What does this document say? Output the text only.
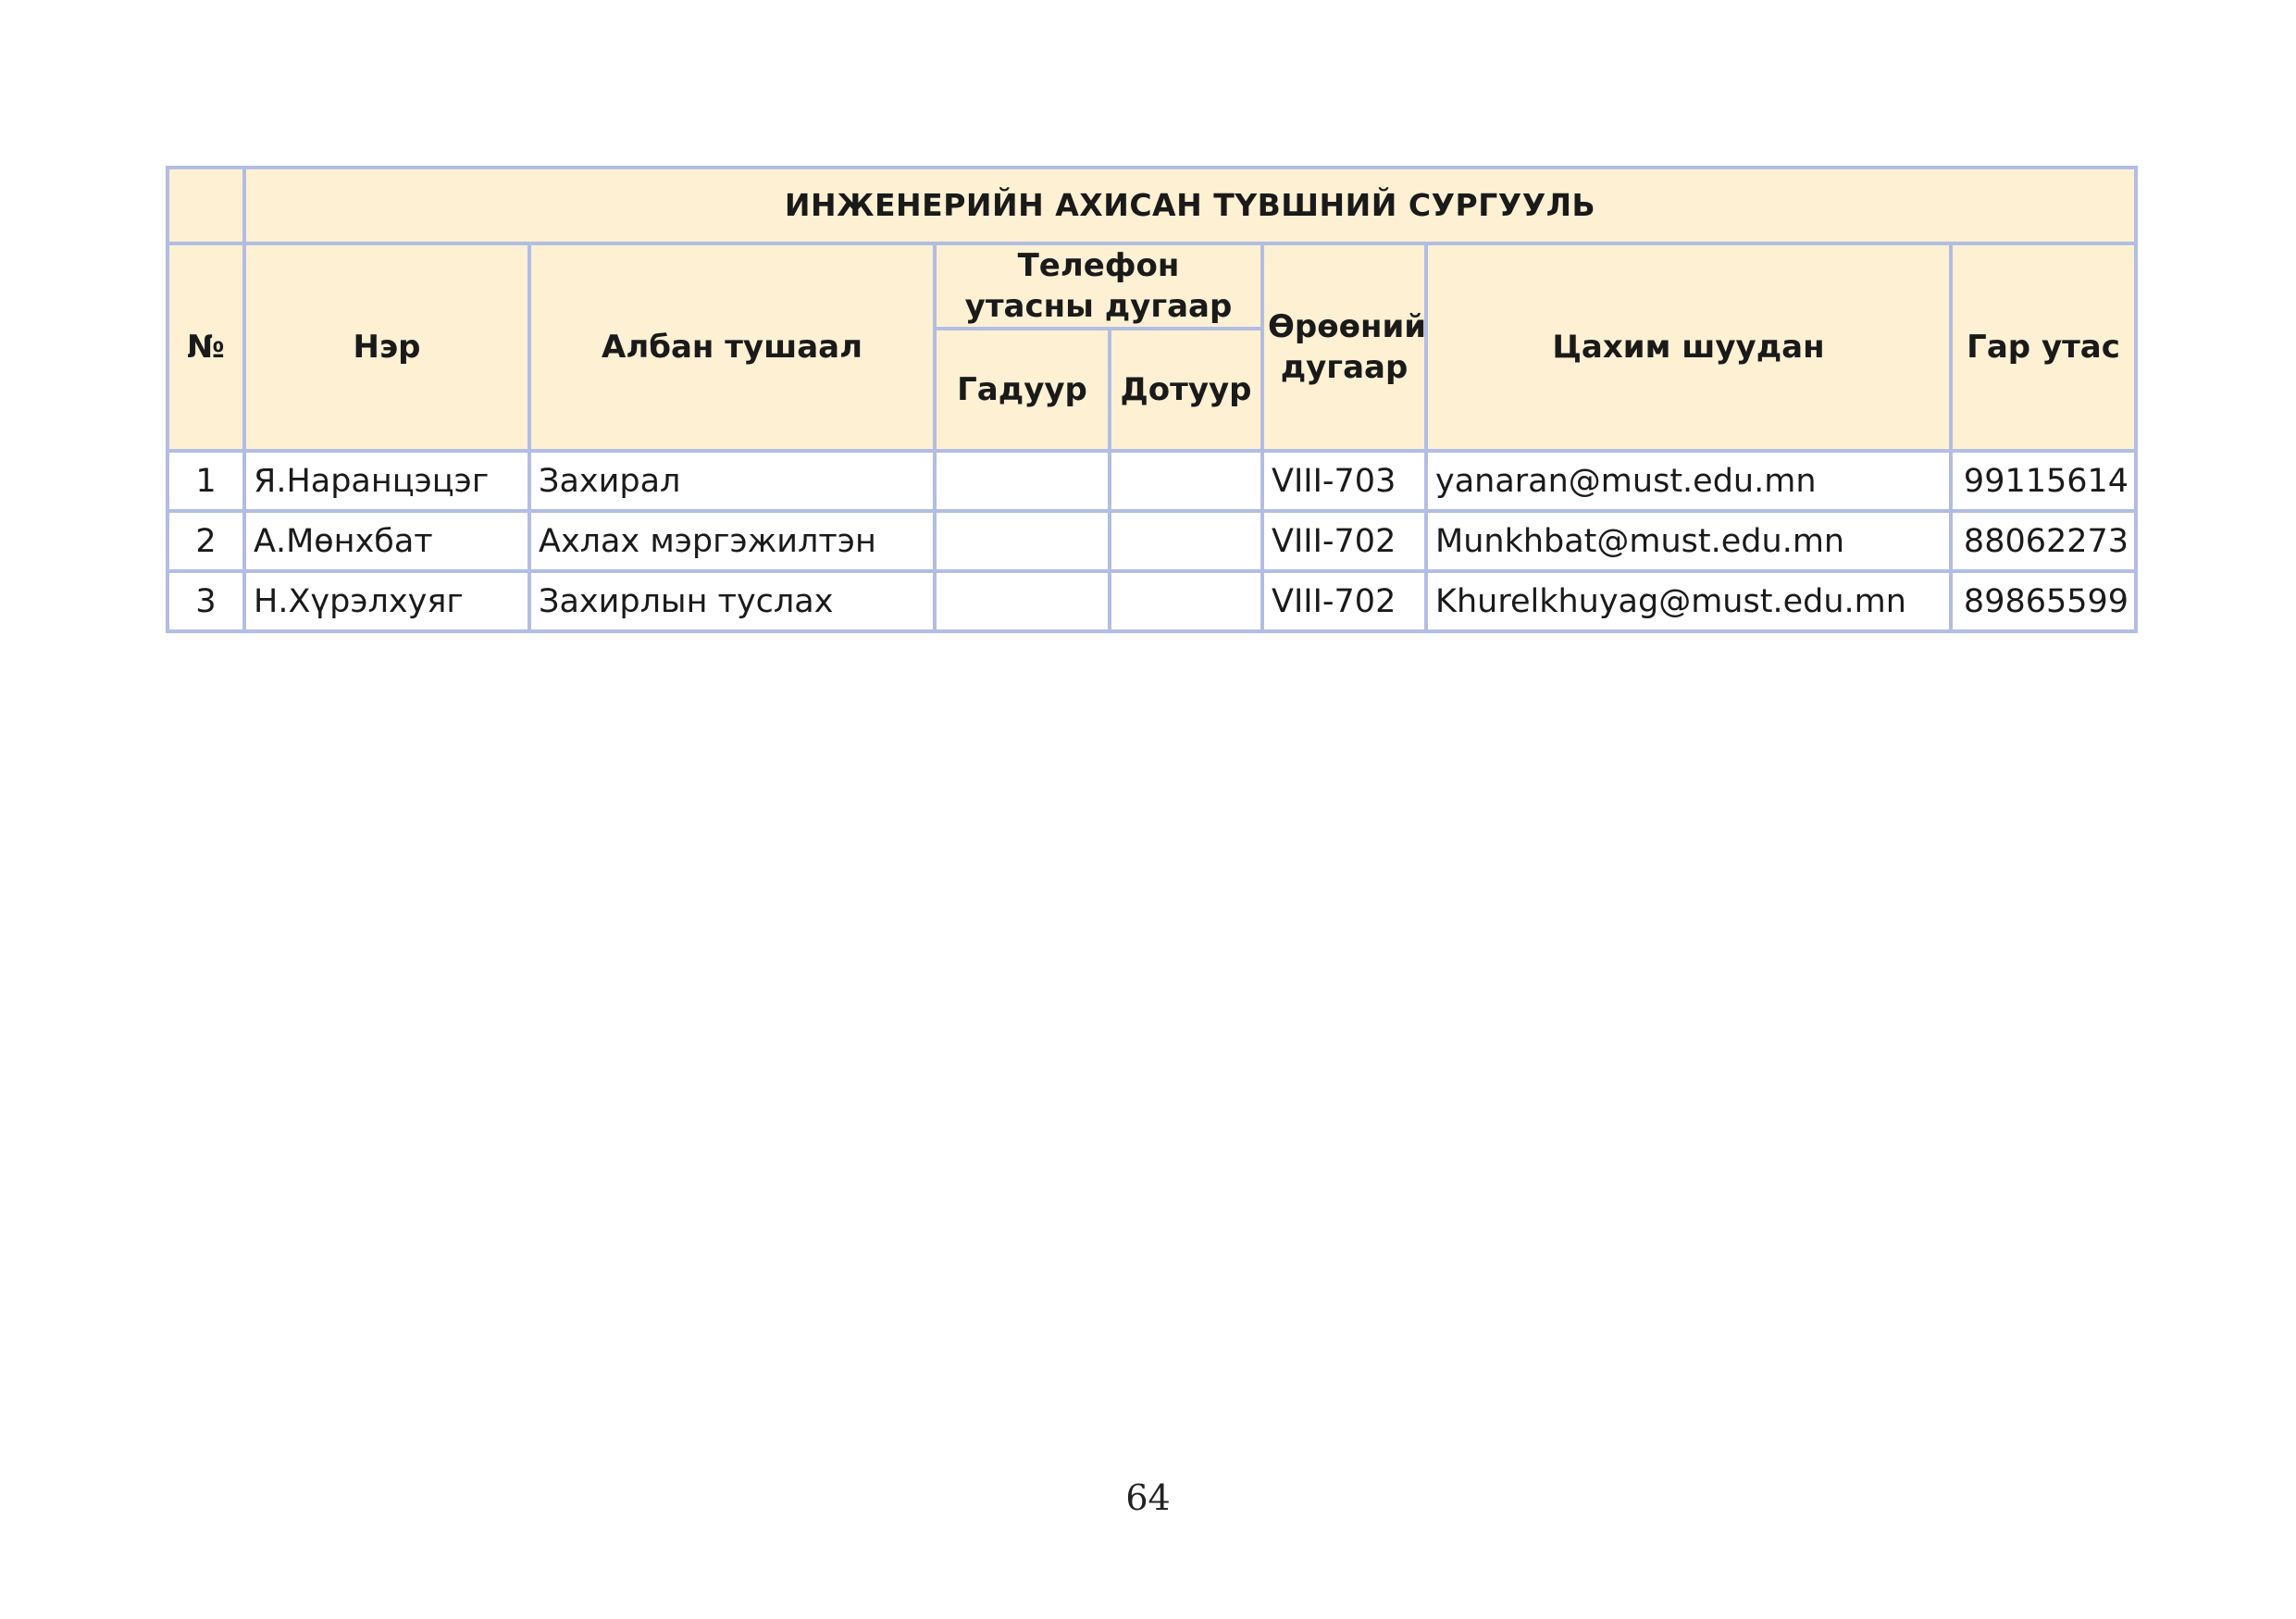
	ИНЖЕНЕРИЙН АХИСАН ТҮВШНИЙ СУРГУУЛЬ						
№	Нэр	Албан тушаал	Телефон утасны дугаар		Өрөөний дугаар	Цахим шуудан	Гар утас
			Гадуур	Дотуур			
1	Я.Наранцэцэг	Захирал			VIII-703	yanaran@must.edu.mn	99115614
2	А.Мөнхбат	Ахлах мэргэжилтэн			VIII-702	Munkhbat@must.edu.mn	88062273
3	Н.Хүрэлхуяг	Захирлын туслах			VIII-702	Khurelkhuyag@must.edu.mn	89865599
64
